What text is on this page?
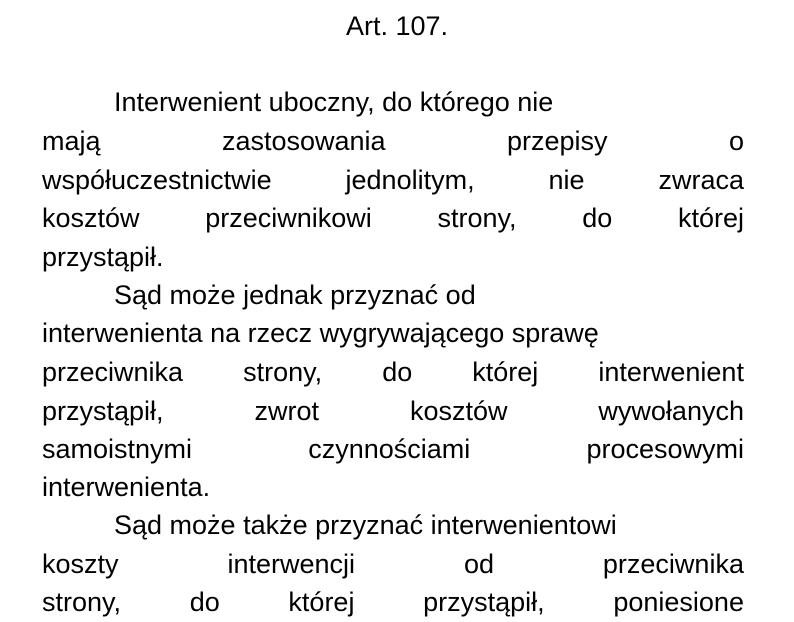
Art. 107.
Interwenient uboczny, do którego nie
mają	zastosowania	przepisy	o
współuczestnictwie	jednolitym,	nie	zwraca
kosztów przeciwnikowi strony, do której
przystąpił.
Sąd może jednak przyznać od
interwenienta na rzecz wygrywającego sprawę
przeciwnika strony, do której interwenient
przystąpił,	zwrot	kosztów	wywołanych
samoistnymi	czynnościami	procesowymi
interwenienta.
Sąd może także przyznać interwenientowi
koszty	interwencji	od	przeciwnika
strony,	do	której	przystąpił,	poniesione
